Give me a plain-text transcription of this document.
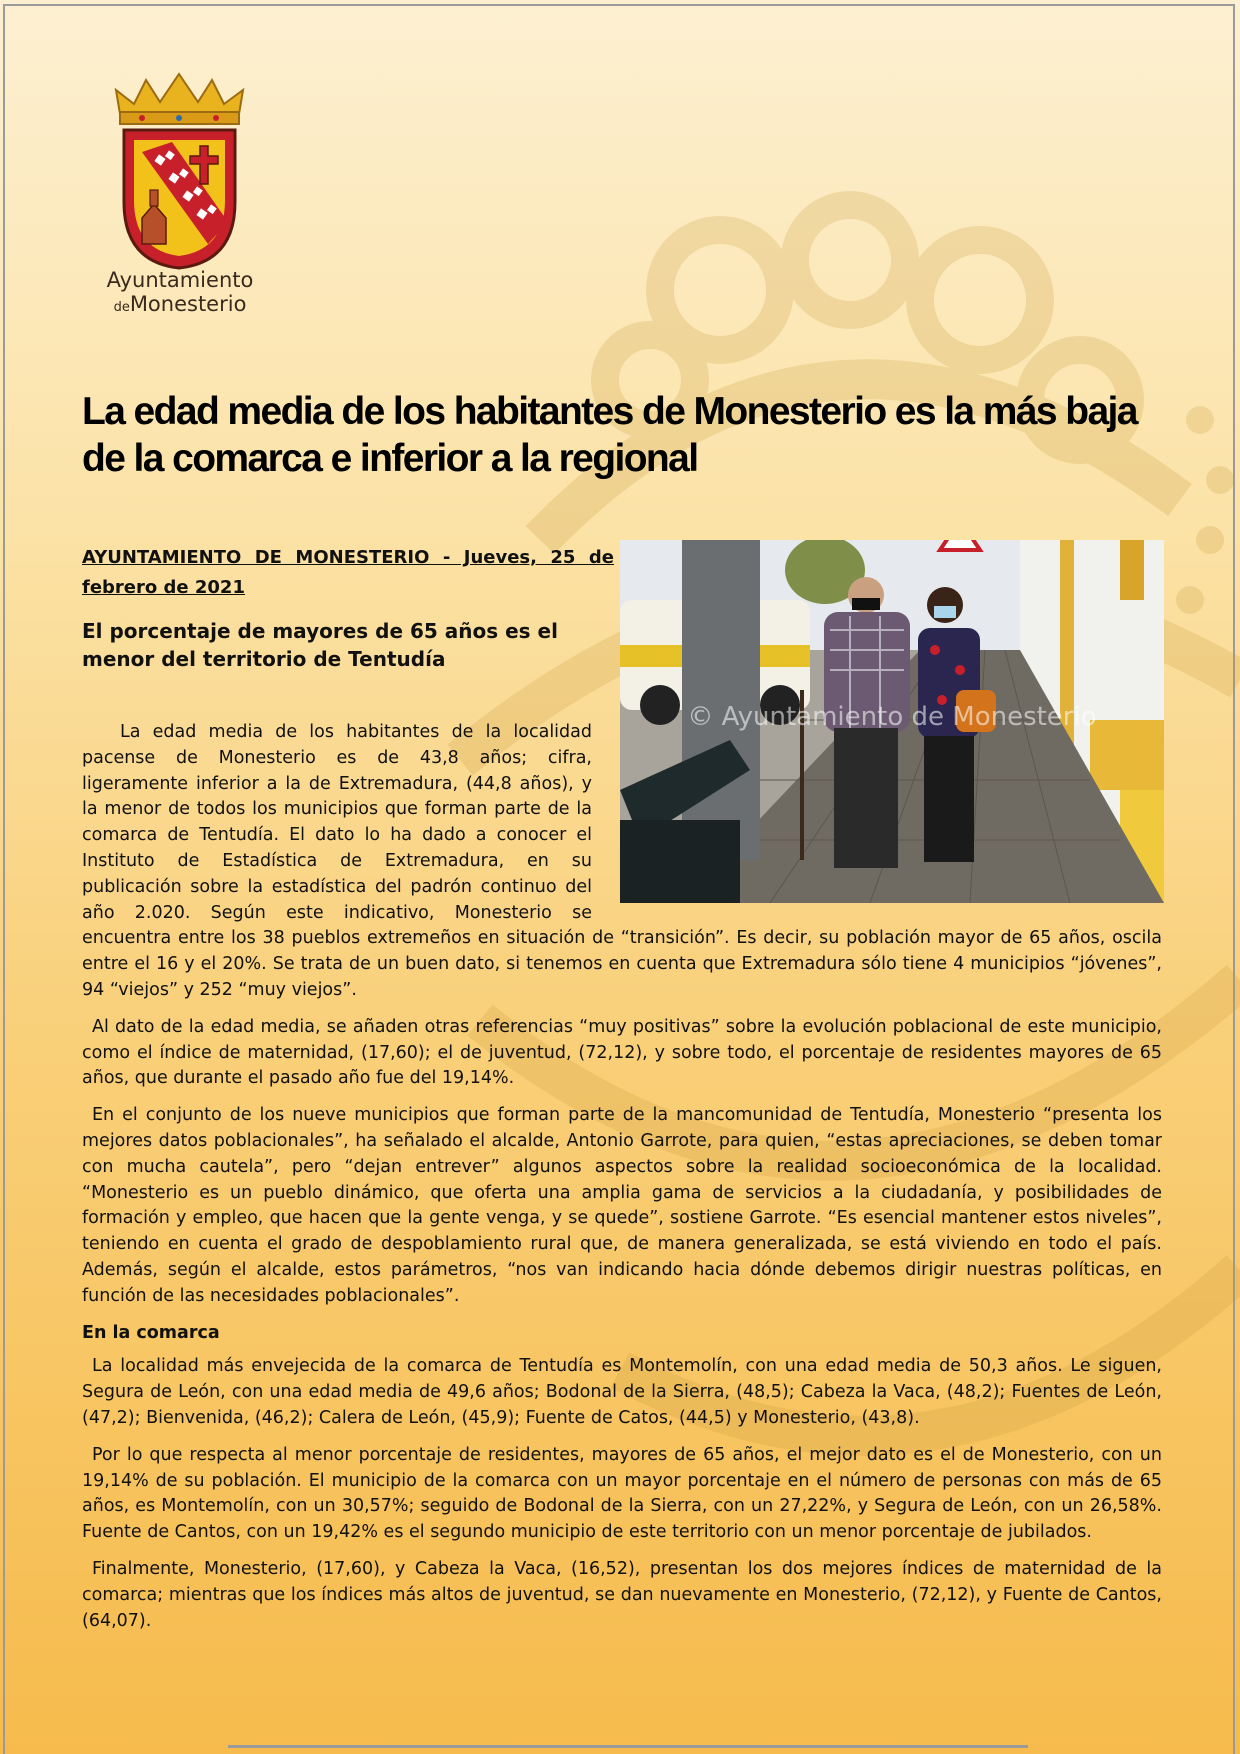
Ayuntamiento
deMonesterio
La edad media de los habitantes de Monesterio es la más baja de la comarca e inferior a la regional

AYUNTAMIENTO DE MONESTERIO - Jueves, 25 de febrero de 2021

El porcentaje de mayores de 65 años es el menor del territorio de Tentudía

© Ayuntamiento de Monesterio

La edad media de los habitantes de la localidad pacense de Monesterio es de 43,8 años; cifra, ligeramente inferior a la de Extremadura, (44,8 años), y la menor de todos los municipios que forman parte de la comarca de Tentudía. El dato lo ha dado a conocer el Instituto de Estadística de Extremadura, en su publicación sobre la estadística del padrón continuo del año 2.020. Según este indicativo, Monesterio se encuentra entre los 38 pueblos extremeños en situación de “transición”. Es decir, su población mayor de 65 años, oscila entre el 16 y el 20%. Se trata de un buen dato, si tenemos en cuenta que Extremadura sólo tiene 4 municipios “jóvenes”, 94 “viejos” y 252 “muy viejos”.

Al dato de la edad media, se añaden otras referencias “muy positivas” sobre la evolución poblacional de este municipio, como el índice de maternidad, (17,60); el de juventud, (72,12), y sobre todo, el porcentaje de residentes mayores de 65 años, que durante el pasado año fue del 19,14%.

En el conjunto de los nueve municipios que forman parte de la mancomunidad de Tentudía, Monesterio “presenta los mejores datos poblacionales”, ha señalado el alcalde, Antonio Garrote, para quien, “estas apreciaciones, se deben tomar con mucha cautela”, pero “dejan entrever” algunos aspectos sobre la realidad socioeconómica de la localidad. “Monesterio es un pueblo dinámico, que oferta una amplia gama de servicios a la ciudadanía, y posibilidades de formación y empleo, que hacen que la gente venga, y se quede”, sostiene Garrote. “Es esencial mantener estos niveles”, teniendo en cuenta el grado de despoblamiento rural que, de manera generalizada, se está viviendo en todo el país. Además, según el alcalde, estos parámetros, “nos van indicando hacia dónde debemos dirigir nuestras políticas, en función de las necesidades poblacionales”.

En la comarca

La localidad más envejecida de la comarca de Tentudía es Montemolín, con una edad media de 50,3 años. Le siguen, Segura de León, con una edad media de 49,6 años; Bodonal de la Sierra, (48,5); Cabeza la Vaca, (48,2); Fuentes de León, (47,2); Bienvenida, (46,2); Calera de León, (45,9); Fuente de Catos, (44,5) y Monesterio, (43,8).

Por lo que respecta al menor porcentaje de residentes, mayores de 65 años, el mejor dato es el de Monesterio, con un 19,14% de su población. El municipio de la comarca con un mayor porcentaje en el número de personas con más de 65 años, es Montemolín, con un 30,57%; seguido de Bodonal de la Sierra, con un 27,22%, y Segura de León, con un 26,58%. Fuente de Cantos, con un 19,42% es el segundo municipio de este territorio con un menor porcentaje de jubilados.

Finalmente, Monesterio, (17,60), y Cabeza la Vaca, (16,52), presentan los dos mejores índices de maternidad de la comarca; mientras que los índices más altos de juventud, se dan nuevamente en Monesterio, (72,12), y Fuente de Cantos, (64,07).
